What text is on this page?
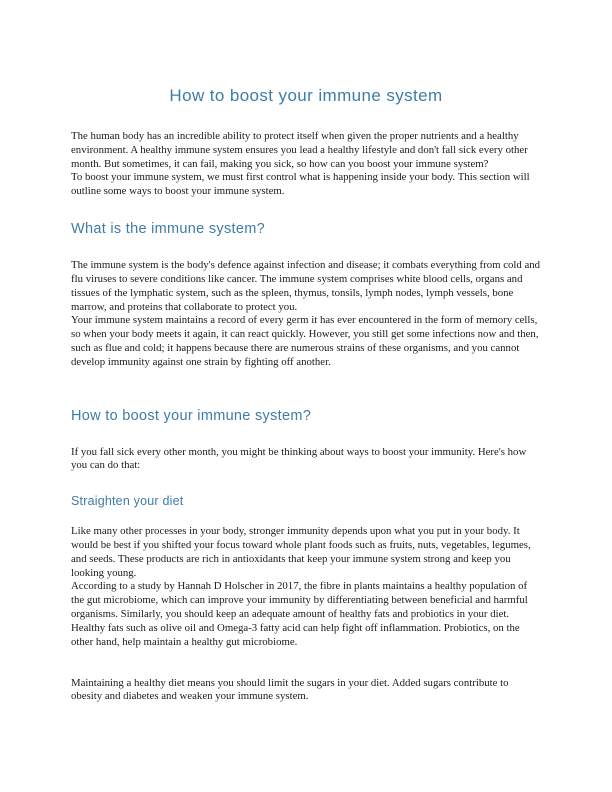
How to boost your immune system

The human body has an incredible ability to protect itself when given the proper nutrients and a healthy environment. A healthy immune system ensures you lead a healthy lifestyle and don't fall sick every other month. But sometimes, it can fail, making you sick, so how can you boost your immune system?

To boost your immune system, we must first control what is happening inside your body. This section will outline some ways to boost your immune system.

What is the immune system?

The immune system is the body's defence against infection and disease; it combats everything from cold and flu viruses to severe conditions like cancer. The immune system comprises white blood cells, organs and tissues of the lymphatic system, such as the spleen, thymus, tonsils, lymph nodes, lymph vessels, bone marrow, and proteins that collaborate to protect you.

Your immune system maintains a record of every germ it has ever encountered in the form of memory cells, so when your body meets it again, it can react quickly. However, you still get some infections now and then, such as flue and cold; it happens because there are numerous strains of these organisms, and you cannot develop immunity against one strain by fighting off another.

How to boost your immune system?

If you fall sick every other month, you might be thinking about ways to boost your immunity. Here's how you can do that:

Straighten your diet

Like many other processes in your body, stronger immunity depends upon what you put in your body. It would be best if you shifted your focus toward whole plant foods such as fruits, nuts, vegetables, legumes, and seeds. These products are rich in antioxidants that keep your immune system strong and keep you looking young.

According to a study by Hannah D Holscher in 2017, the fibre in plants maintains a healthy population of the gut microbiome, which can improve your immunity by differentiating between beneficial and harmful organisms. Similarly, you should keep an adequate amount of healthy fats and probiotics in your diet. Healthy fats such as olive oil and Omega-3 fatty acid can help fight off inflammation. Probiotics, on the other hand, help maintain a healthy gut microbiome.

Maintaining a healthy diet means you should limit the sugars in your diet. Added sugars contribute to obesity and diabetes and weaken your immune system.
